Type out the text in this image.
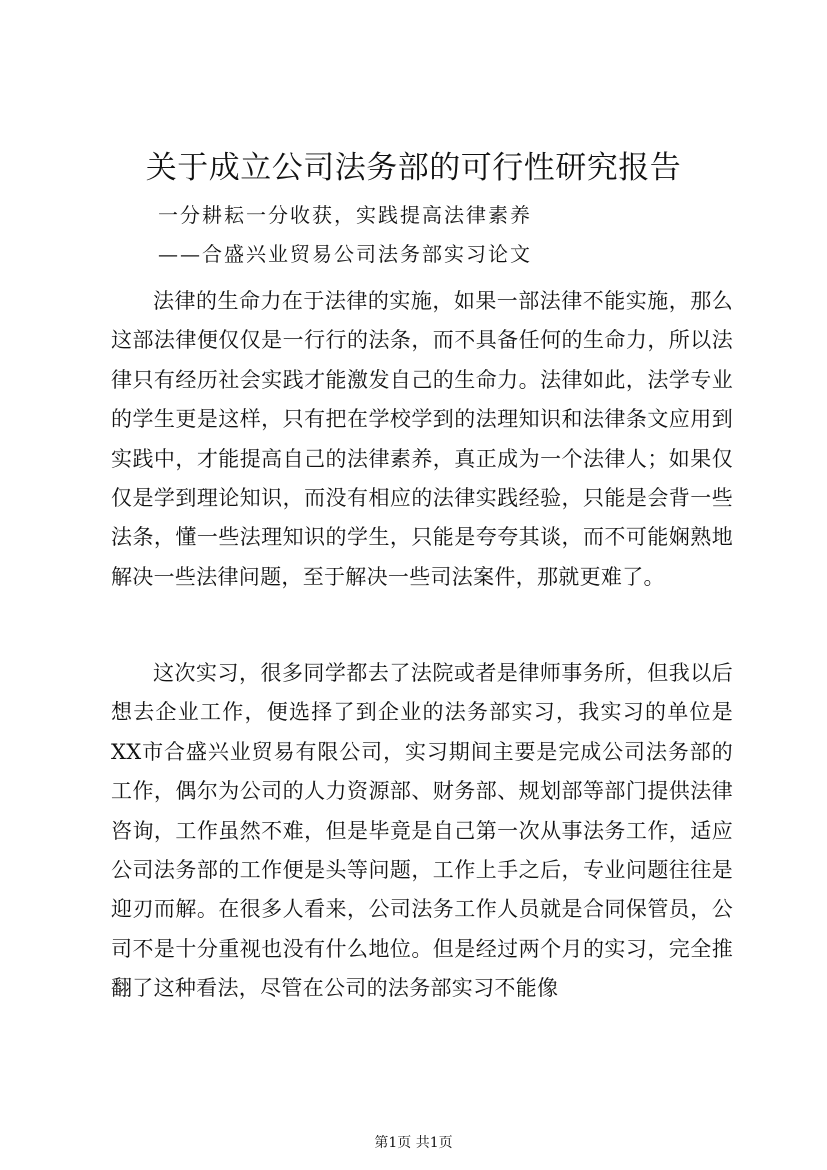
关于成立公司法务部的可行性研究报告
一分耕耘一分收获，实践提高法律素养
——合盛兴业贸易公司法务部实习论文
法律的生命力在于法律的实施，如果一部法律不能实施，那么这部法律便仅仅是一行行的法条，而不具备任何的生命力，所以法律只有经历社会实践才能激发自己的生命力。法律如此，法学专业的学生更是这样，只有把在学校学到的法理知识和法律条文应用到实践中，才能提高自己的法律素养，真正成为一个法律人；如果仅仅是学到理论知识，而没有相应的法律实践经验，只能是会背一些法条，懂一些法理知识的学生，只能是夸夸其谈，而不可能娴熟地解决一些法律问题，至于解决一些司法案件，那就更难了。
这次实习，很多同学都去了法院或者是律师事务所，但我以后想去企业工作，便选择了到企业的法务部实习，我实习的单位是XX市合盛兴业贸易有限公司，实习期间主要是完成公司法务部的工作，偶尔为公司的人力资源部、财务部、规划部等部门提供法律咨询，工作虽然不难，但是毕竟是自己第一次从事法务工作，适应公司法务部的工作便是头等问题，工作上手之后，专业问题往往是迎刃而解。在很多人看来，公司法务工作人员就是合同保管员，公司不是十分重视也没有什么地位。但是经过两个月的实习，完全推翻了这种看法，尽管在公司的法务部实习不能像
第1页 共1页
